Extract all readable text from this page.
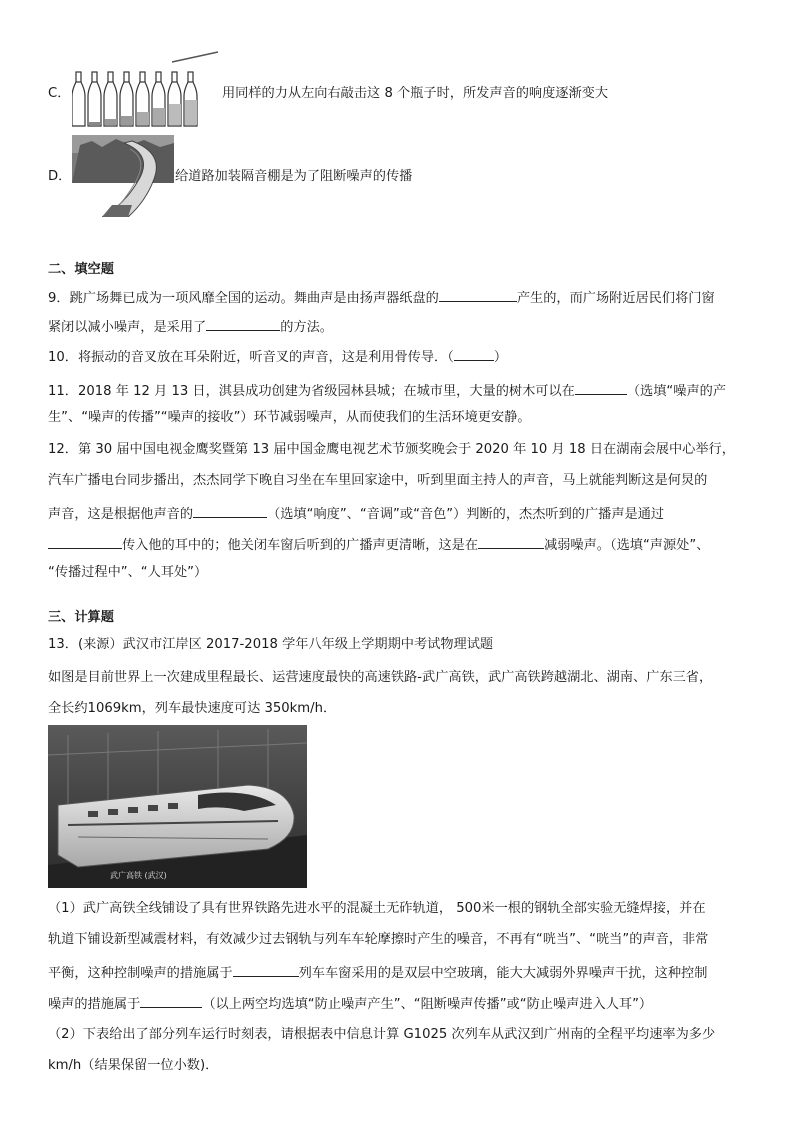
C．	用同样的力从左向右敲击这 8 个瓶子时，所发声音的响度逐渐变大
D．	给道路加装隔音棚是为了阻断噪声的传播
二、填空题
9．跳广场舞已成为一项风靡全国的运动。舞曲声是由扬声器纸盘的	产生的，而广场附近居民们将门窗
紧闭以减小噪声，是采用了	的方法。
10．将振动的音叉放在耳朵附近，听音叉的声音，这是利用骨传导．（	）
11．2018 年 12 月 13 日，淇县成功创建为省级园林县城；在城市里，大量的树木可以在	（选填“噪声的产
生”、“噪声的传播”“噪声的接收”）环节减弱噪声，从而使我们的生活环境更安静。
12．第 30 届中国电视金鹰奖暨第 13 届中国金鹰电视艺术节颁奖晚会于 2020 年 10 月 18 日在湖南会展中心举行，
汽车广播电台同步播出，杰杰同学下晚自习坐在车里回家途中，听到里面主持人的声音，马上就能判断这是何炅的
声音，这是根据他声音的	（选填“响度”、“音调”或“音色”）判断的，杰杰听到的广播声是通过
传入他的耳中的；他关闭车窗后听到的广播声更清晰，这是在	减弱噪声。（选填“声源处”、
“传播过程中”、“人耳处”）
三、计算题
13．(来源）武汉市江岸区 2017-2018 学年八年级上学期期中考试物理试题
如图是目前世界上一次建成里程最长、运营速度最快的高速铁路-武广高铁，武广高铁跨越湖北、湖南、广东三省，
全长约1069km，列车最快速度可达 350km/h．
武广高铁 (武汉)
（1）武广高铁全线铺设了具有世界铁路先进水平的混凝土无砟轨道， 500米一根的钢轨全部实验无缝焊接，并在
轨道下铺设新型减震材料，有效减少过去钢轨与列车车轮摩擦时产生的噪音，不再有“咣当”、“咣当”的声音，非常
平衡，这种控制噪声的措施属于	列车车窗采用的是双层中空玻璃，能大大减弱外界噪声干扰，这种控制
噪声的措施属于	（以上两空均选填“防止噪声产生”、“阻断噪声传播”或“防止噪声进入人耳”）
（2）下表给出了部分列车运行时刻表，请根据表中信息计算 G1025 次列车从武汉到广州南的全程平均速率为多少
km/h（结果保留一位小数)．
